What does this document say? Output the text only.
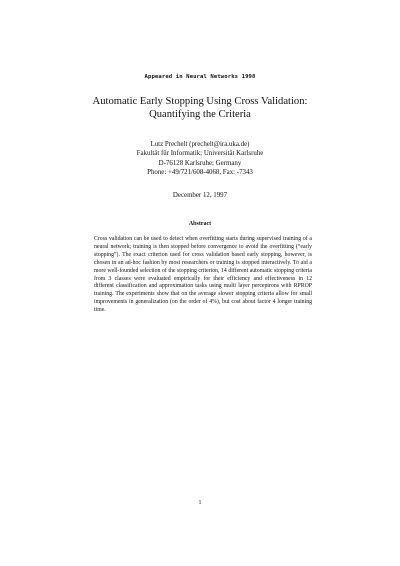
Appeared in Neural Networks 1998
Automatic Early Stopping Using Cross Validation:
Quantifying the Criteria
Lutz Prechelt (prechelt@ira.uka.de)
Fakultät für Informatik; Universität Karlsruhe
D-76128 Karlsruhe; Germany
Phone: +49/721/608-4068, Fax: -7343
December 12, 1997
Abstract

Cross validation can be used to detect when overfitting starts during supervised training of a neural network; training is then stopped before convergence to avoid the overfitting (“early stopping”). The exact criterion used for cross validation based early stopping, however, is chosen in an ad-hoc fashion by most researchers or training is stopped interactively. To aid a more well-founded selection of the stopping criterion, 14 different automatic stopping criteria from 3 classes were evaluated empirically for their efficiency and effectiveness in 12 different classification and approximation tasks using multi layer perceptrons with RPROP training. The experiments show that on the average slower stopping criteria allow for small improvements in generalization (on the order of 4%), but cost about factor 4 longer training time.

1
